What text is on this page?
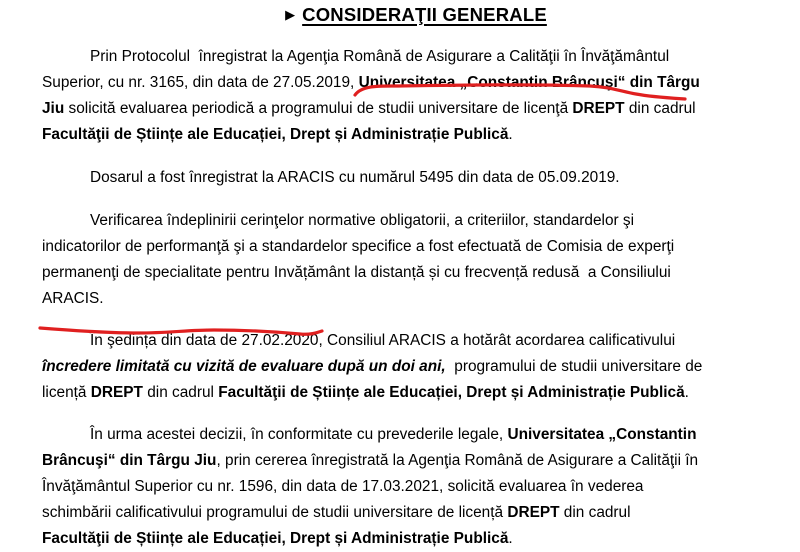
▶ CONSIDERAŢII GENERALE

Prin Protocolul  înregistrat la Agenţia Română de Asigurare a Calităţii în Învăţământul
Superior, cu nr. 3165, din data de 27.05.2019, Universitatea „Constantin Brâncuşi“ din Târgu
Jiu solicită evaluarea periodică a programului de studii universitare de licenţă DREPT din cadrul
Facultăţii de Științe ale Educației, Drept și Administrație Publică.

Dosarul a fost înregistrat la ARACIS cu numărul 5495 din data de 05.09.2019.

Verificarea îndeplinirii cerinţelor normative obligatorii, a criteriilor, standardelor şi
indicatorilor de performanţă şi a standardelor specifice a fost efectuată de Comisia de experţi
permanenţi de specialitate pentru Invățământ la distanță și cu frecvență redusă  a Consiliului
ARACIS.

În şedința din data de 27.02.2020, Consiliul ARACIS a hotărât acordarea calificativului
încredere limitată cu vizită de evaluare după un doi ani,  programului de studii universitare de
licență DREPT din cadrul Facultăţii de Științe ale Educației, Drept și Administrație Publică.

În urma acestei decizii, în conformitate cu prevederile legale, Universitatea „Constantin
Brâncuşi“ din Târgu Jiu, prin cererea înregistrată la Agenţia Română de Asigurare a Calităţii în
Învăţământul Superior cu nr. 1596, din data de 17.03.2021, solicită evaluarea în vederea
schimbării calificativului programului de studii universitare de licență DREPT din cadrul
Facultăţii de Științe ale Educației, Drept și Administrație Publică.
